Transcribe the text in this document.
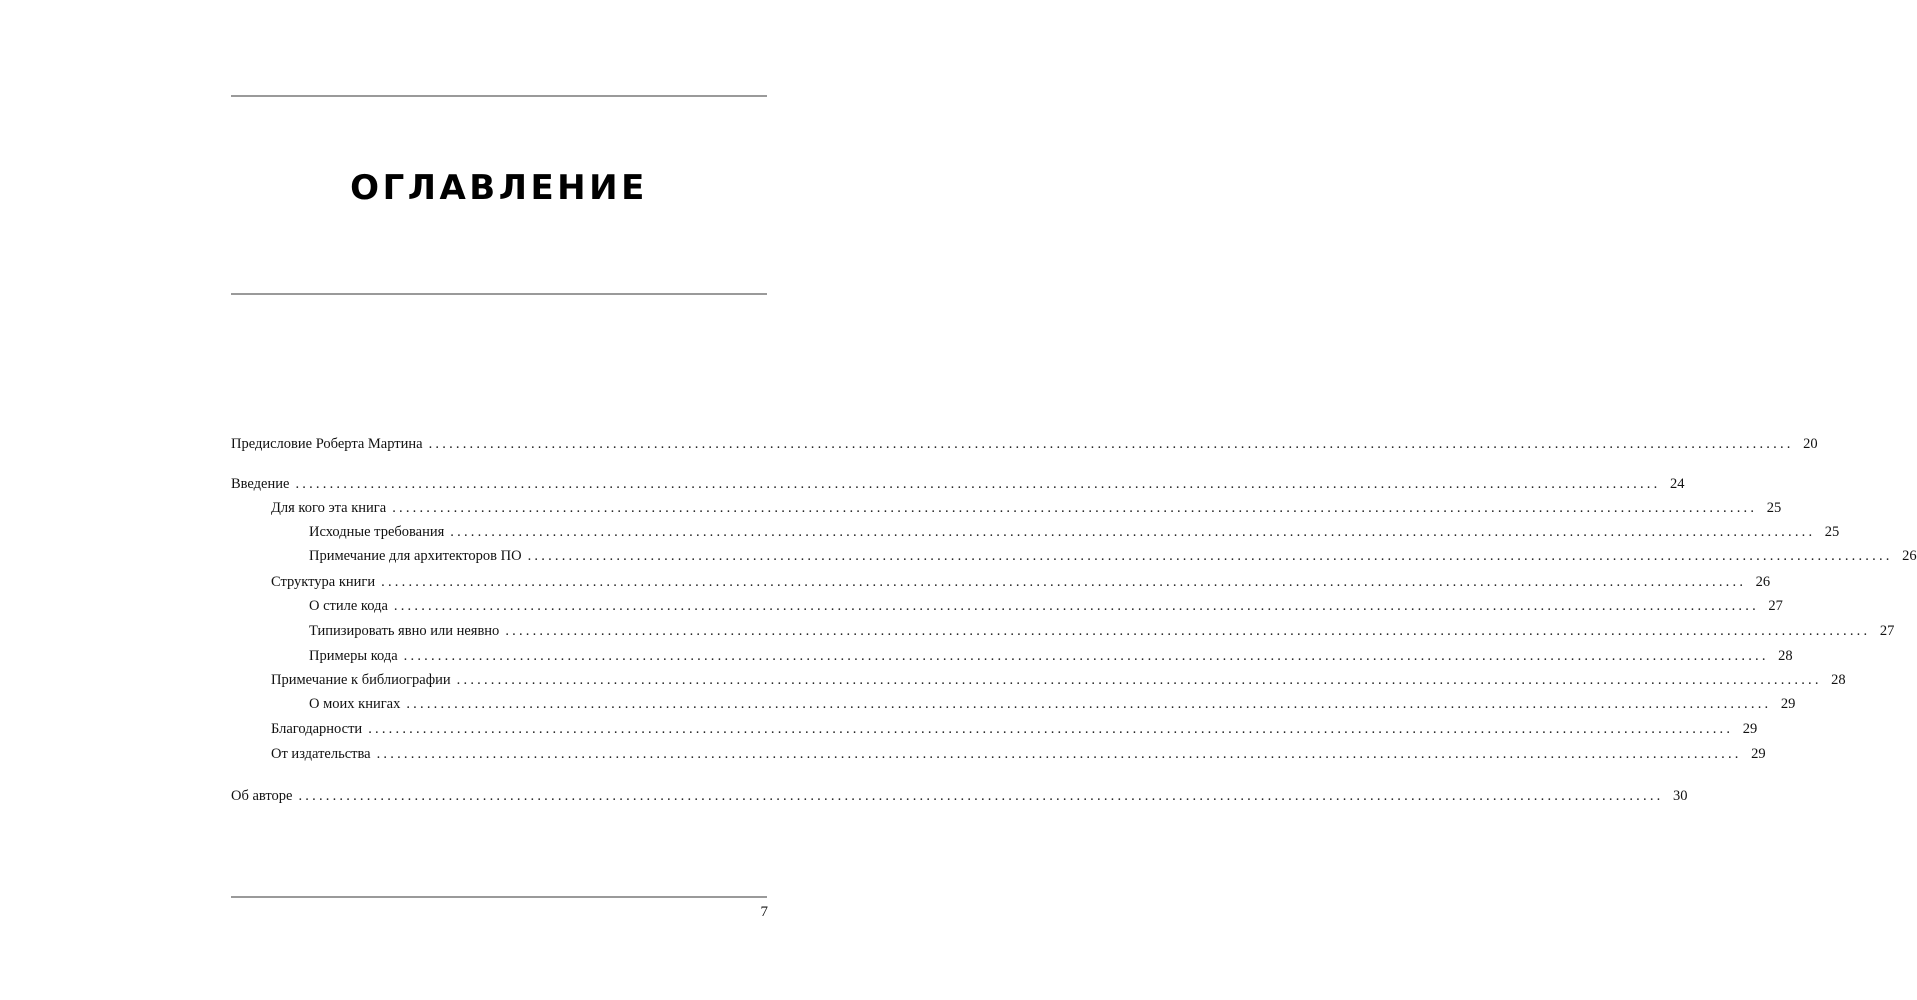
ОГЛАВЛЕНИЕ
Предисловие Роберта Мартина ........................................................................................................................................................................................................ 20
Введение ........................................................................................................................................................................................................ 24
Для кого эта книга ........................................................................................................................................................................................................ 25
Исходные требования ........................................................................................................................................................................................................ 25
Примечание для архитекторов ПО ........................................................................................................................................................................................................ 26
Структура книги ........................................................................................................................................................................................................ 26
О стиле кода ........................................................................................................................................................................................................ 27
Типизировать явно или неявно ........................................................................................................................................................................................................ 27
Примеры кода ........................................................................................................................................................................................................ 28
Примечание к библиографии ........................................................................................................................................................................................................ 28
О моих книгах ........................................................................................................................................................................................................ 29
Благодарности ........................................................................................................................................................................................................ 29
От издательства ........................................................................................................................................................................................................ 29
Об авторе ........................................................................................................................................................................................................ 30
7
